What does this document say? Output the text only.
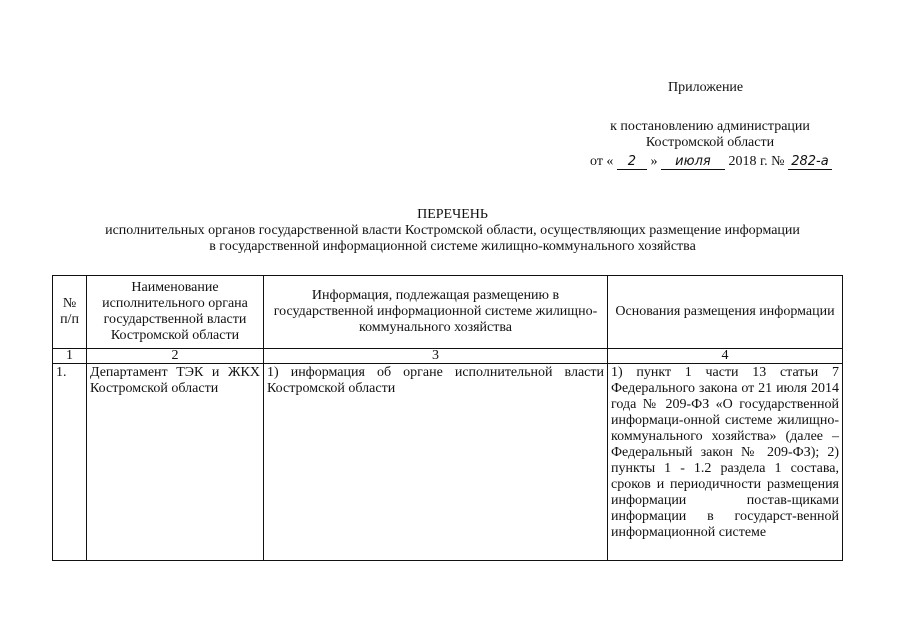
Приложение
к постановлению администрации
Костромской области
от « 2 » июля 2018 г. № 282-а
ПЕРЕЧЕНЬ
исполнительных органов государственной власти Костромской области, осуществляющих размещение информации
в государственной информационной системе жилищно-коммунального хозяйства
№ п/п	Наименование исполнительного органа государственной власти Костромской области	Информация, подлежащая размещению в государственной информационной системе жилищно-коммунального хозяйства	Основания размещения информации
1	2	3	4
1.	Департамент ТЭК и ЖКХ Костромской области	1) информация об органе исполнительной власти Костромской области	1) пункт 1 части 13 статьи 7 Федерального закона от 21 июля 2014 года № 209-ФЗ «О государственной информаци-онной системе жилищно-коммунального хозяйства» (далее – Федеральный закон № 209-ФЗ); 2) пункты 1 - 1.2 раздела 1 состава, сроков и периодичности размещения информации постав-щиками информации в государст-венной информационной системе
